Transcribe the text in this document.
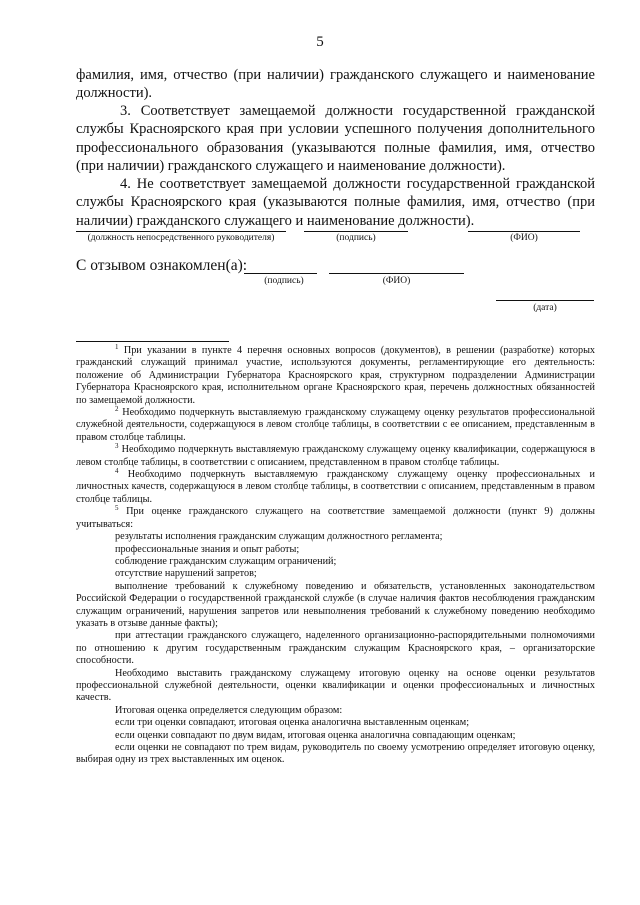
5
фамилия, имя, отчество (при наличии) гражданского служащего и наименование должности).
3. Соответствует замещаемой должности государственной гражданской службы Красноярского края при условии успешного получения дополнительного профессионального образования (указываются полные фамилия, имя, отчество (при наличии) гражданского служащего и наименование должности).
4. Не соответствует замещаемой должности государственной гражданской службы Красноярского края (указываются полные фамилия, имя, отчество (при наличии) гражданского служащего и наименование должности).
(должность непосредственного руководителя)	(подпись)	(ФИО)
С отзывом ознакомлен(а):
(подпись)	(ФИО)
(дата)

$^1$ При указании в пункте 4 перечня основных вопросов (документов), в решении (разработке) которых гражданский служащий принимал участие, используются документы, регламентирующие его деятельность: положение об Администрации Губернатора Красноярского края, структурном подразделении Администрации Губернатора Красноярского края, исполнительном органе Красноярского края, перечень должностных обязанностей по замещаемой должности.

$^2$ Необходимо подчеркнуть выставляемую гражданскому служащему оценку результатов профессиональной служебной деятельности, содержащуюся в левом столбце таблицы, в соответствии с ее описанием, представленным в правом столбце таблицы.

$^3$ Необходимо подчеркнуть выставляемую гражданскому служащему оценку квалификации, содержащуюся в левом столбце таблицы, в соответствии с описанием, представленном в правом столбце таблицы.

$^4$ Необходимо подчеркнуть выставляемую гражданскому служащему оценку профессиональных и личностных качеств, содержащуюся в левом столбце таблицы, в соответствии с описанием, представленным в правом столбце таблицы.

$^5$ При оценке гражданского служащего на соответствие замещаемой должности (пункт 9) должны учитываться:

результаты исполнения гражданским служащим должностного регламента;

профессиональные знания и опыт работы;

соблюдение гражданским служащим ограничений;

отсутствие нарушений запретов;

выполнение требований к служебному поведению и обязательств, установленных законодательством Российской Федерации о государственной гражданской службе (в случае наличия фактов несоблюдения гражданским служащим ограничений, нарушения запретов или невыполнения требований к служебному поведению необходимо указать в отзыве данные факты);

при аттестации гражданского служащего, наделенного организационно-распорядительными полномочиями по отношению к другим государственным гражданским служащим Красноярского края, – организаторские способности.

Необходимо выставить гражданскому служащему итоговую оценку на основе оценки результатов профессиональной служебной деятельности, оценки квалификации и оценки профессиональных и личностных качеств.

Итоговая оценка определяется следующим образом:

если три оценки совпадают, итоговая оценка аналогична выставленным оценкам;

если оценки совпадают по двум видам, итоговая оценка аналогична совпадающим оценкам;

если оценки не совпадают по трем видам, руководитель по своему усмотрению определяет итоговую оценку, выбирая одну из трех выставленных им оценок.
